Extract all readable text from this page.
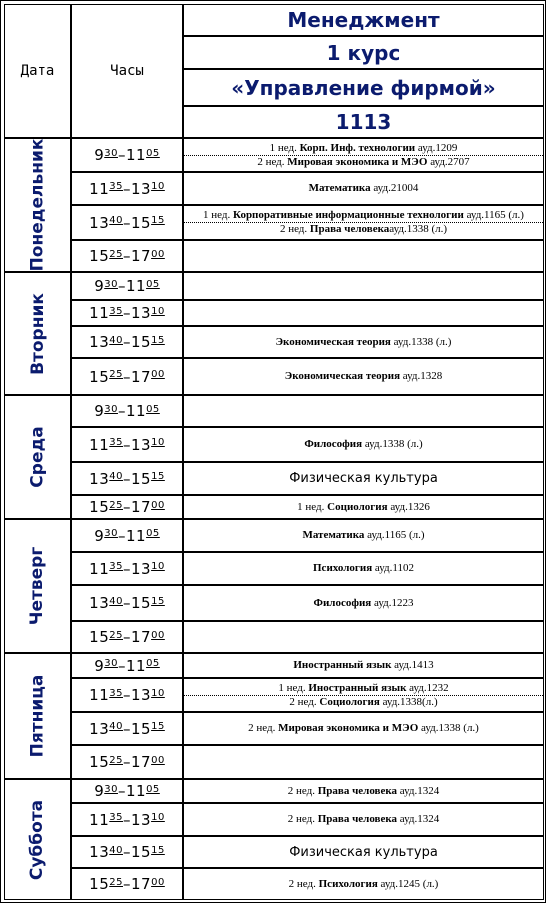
Дата	Часы
Менеджмент
1 курс
«Управление фирмой»
1113
Понедельник	$9^{30} - 11^{05}$	1 нед. Корп. Инф. технологии ауд.1209
2 нед. Мировая экономика и МЭО ауд.2707
$11^{35} - 13^{10}$	Математика ауд.21004
$13^{40} - 15^{15}$	1 нед. Корпоративные информационные технологии ауд.1165 (л.)
2 нед. Права человекаауд.1338 (л.)
$15^{25} - 17^{00}$
Вторник
$9^{30} - 11^{05}$
$11^{35} - 13^{10}$
$13^{40} - 15^{15}$	Экономическая теория ауд.1338 (л.)
$15^{25} - 17^{00}$	Экономическая теория ауд.1328
Среда
$9^{30} - 11^{05}$
$11^{35} - 13^{10}$	Философия ауд.1338 (л.)
$13^{40} - 15^{15}$	Физическая культура
$15^{25} - 17^{00}$	1 нед. Социология ауд.1326
Четверг
$9^{30} - 11^{05}$	Математика ауд.1165 (л.)
$11^{35} - 13^{10}$	Психология ауд.1102
$13^{40} - 15^{15}$	Философия ауд.1223
$15^{25} - 17^{00}$
Пятница
$9^{30} - 11^{05}$	Иностранный язык ауд.1413
$11^{35} - 13^{10}$	1 нед. Иностранный язык ауд.1232
2 нед. Социология ауд.1338(л.)
$13^{40} - 15^{15}$	2 нед. Мировая экономика и МЭО ауд.1338 (л.)
$15^{25} - 17^{00}$
Суббота
$9^{30} - 11^{05}$	2 нед. Права человека ауд.1324
$11^{35} - 13^{10}$	2 нед. Права человека ауд.1324
$13^{40} - 15^{15}$	Физическая культура
$15^{25} - 17^{00}$	2 нед. Психология ауд.1245 (л.)
